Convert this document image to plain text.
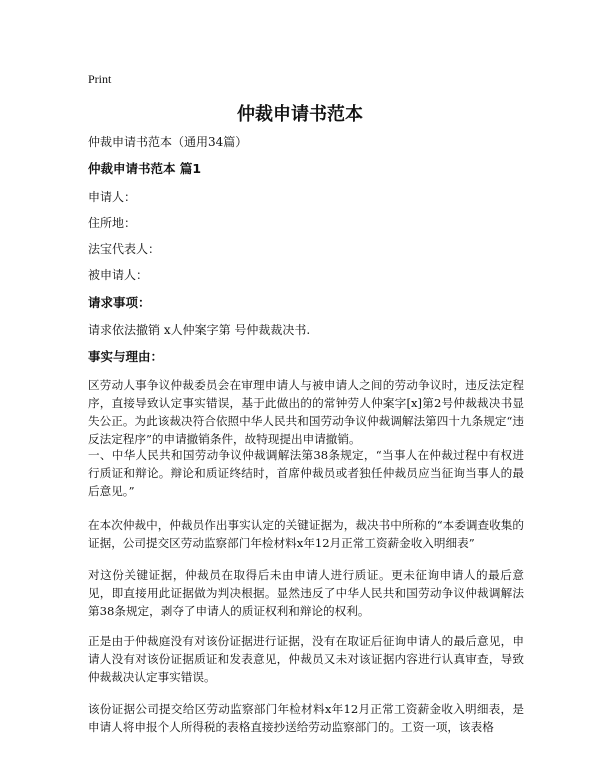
Print
仲裁申请书范本
仲裁申请书范本（通用34篇）
仲裁申请书范本 篇1
申请人：
住所地：
法宝代表人：
被申请人：
请求事项：
请求依法撤销 x人仲案字第 号仲裁裁决书.
事实与理由：
区劳动人事争议仲裁委员会在审理申请人与被申请人之间的劳动争议时，违反法定程序，直接导致认定事实错误，基于此做出的的常钟劳人仲案字[x]第2号仲裁裁决书显失公正。为此该裁决符合依照中华人民共和国劳动争议仲裁调解法第四十九条规定“违反法定程序”的申请撤销条件，故特现提出申请撤销。
一、中华人民共和国劳动争议仲裁调解法第38条规定，“当事人在仲裁过程中有权进行质证和辩论。辩论和质证终结时，首席仲裁员或者独任仲裁员应当征询当事人的最后意见。”
在本次仲裁中，仲裁员作出事实认定的关键证据为，裁决书中所称的“本委调查收集的 证据，公司提交区劳动监察部门年检材料x年12月正常工资薪金收入明细表”
对这份关键证据，仲裁员在取得后未由申请人进行质证。更未征询申请人的最后意见，即直接用此证据做为判决根据。显然违反了中华人民共和国劳动争议仲裁调解法第38条规定，剥夺了申请人的质证权利和辩论的权利。
正是由于仲裁庭没有对该份证据进行证据，没有在取证后征询申请人的最后意见，申请人没有对该份证据质证和发表意见，仲裁员又未对该证据内容进行认真审查，导致仲裁裁决认定事实错误。
该份证据公司提交给区劳动监察部门年检材料x年12月正常工资薪金收入明细表，是申请人将申报个人所得税的表格直接抄送给劳动监察部门的。工资一项，该表格
